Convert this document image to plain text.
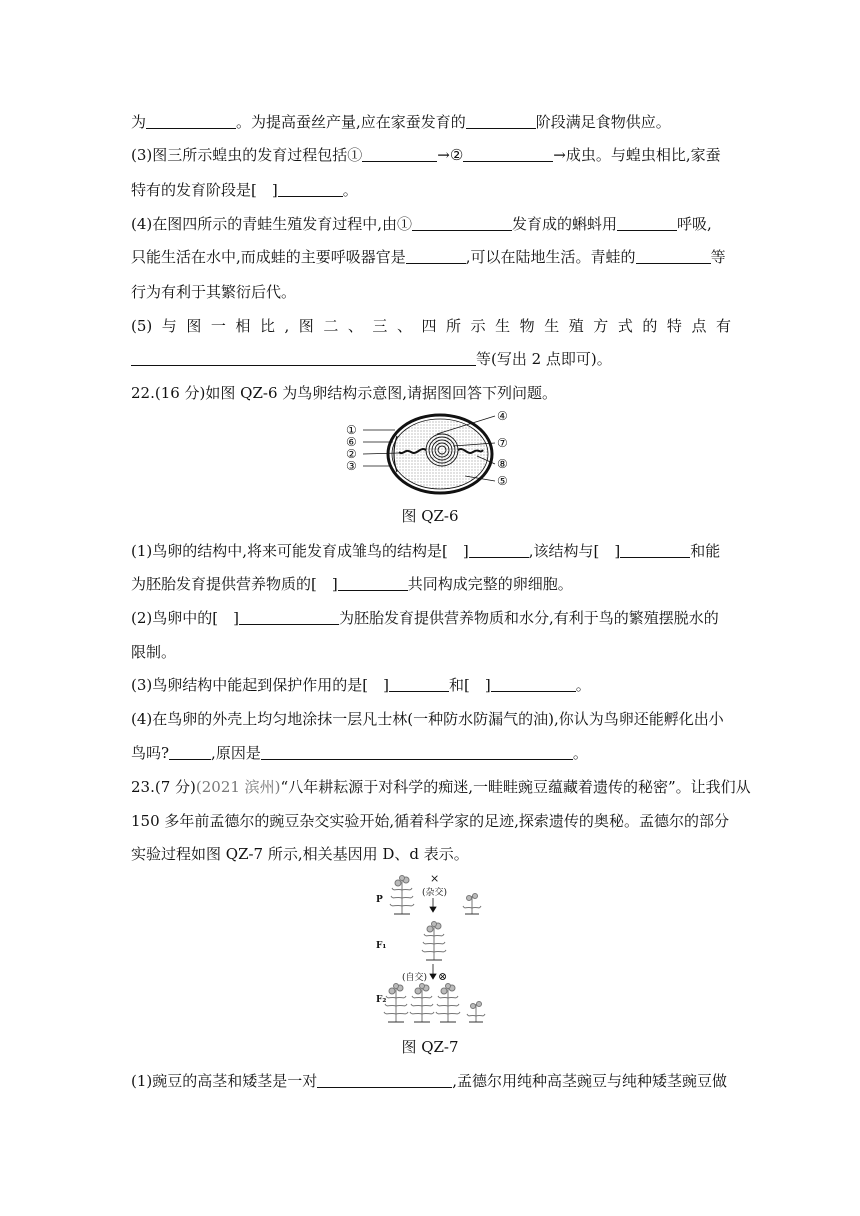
为	。为提高蚕丝产量,应在家蚕发育的	阶段满足食物供应。
(3)图三所示蝗虫的发育过程包括①	→②	→成虫。与蝗虫相比,家蚕
特有的发育阶段是[　]	。
(4)在图四所示的青蛙生殖发育过程中,由①	发育成的蝌蚪用	呼吸,
只能生活在水中,而成蛙的主要呼吸器官是	,可以在陆地生活。青蛙的	等
行为有利于其繁衍后代。
(5)与图一相比,图二、三、四所示生物生殖方式的特点有
等(写出 2 点即可)。
22.(16 分)如图 QZ-6 为鸟卵结构示意图,请据图回答下列问题。
①
⑥
②
③
④
⑦
⑧
⑤
图 QZ-6
(1)鸟卵的结构中,将来可能发育成雏鸟的结构是[　]	,该结构与[　]	和能
为胚胎发育提供营养物质的[　]	共同构成完整的卵细胞。
(2)鸟卵中的[　]	为胚胎发育提供营养物质和水分,有利于鸟的繁殖摆脱水的
限制。
(3)鸟卵结构中能起到保护作用的是[　]	和[　]	。
(4)在鸟卵的外壳上均匀地涂抹一层凡士林(一种防水防漏气的油),你认为鸟卵还能孵化出小
鸟吗?	,原因是	。
23.(7 分)(2021 滨州)“八年耕耘源于对科学的痴迷,一畦畦豌豆蕴藏着遗传的秘密”。让我们从
150 多年前孟德尔的豌豆杂交实验开始,循着科学家的足迹,探索遗传的奥秘。孟德尔的部分
实验过程如图 QZ-7 所示,相关基因用 D、d 表示。
P
×
(杂交)
F₁
(自交) ⊗
F₂
图 QZ-7
(1)豌豆的高茎和矮茎是一对	,孟德尔用纯种高茎豌豆与纯种矮茎豌豆做
